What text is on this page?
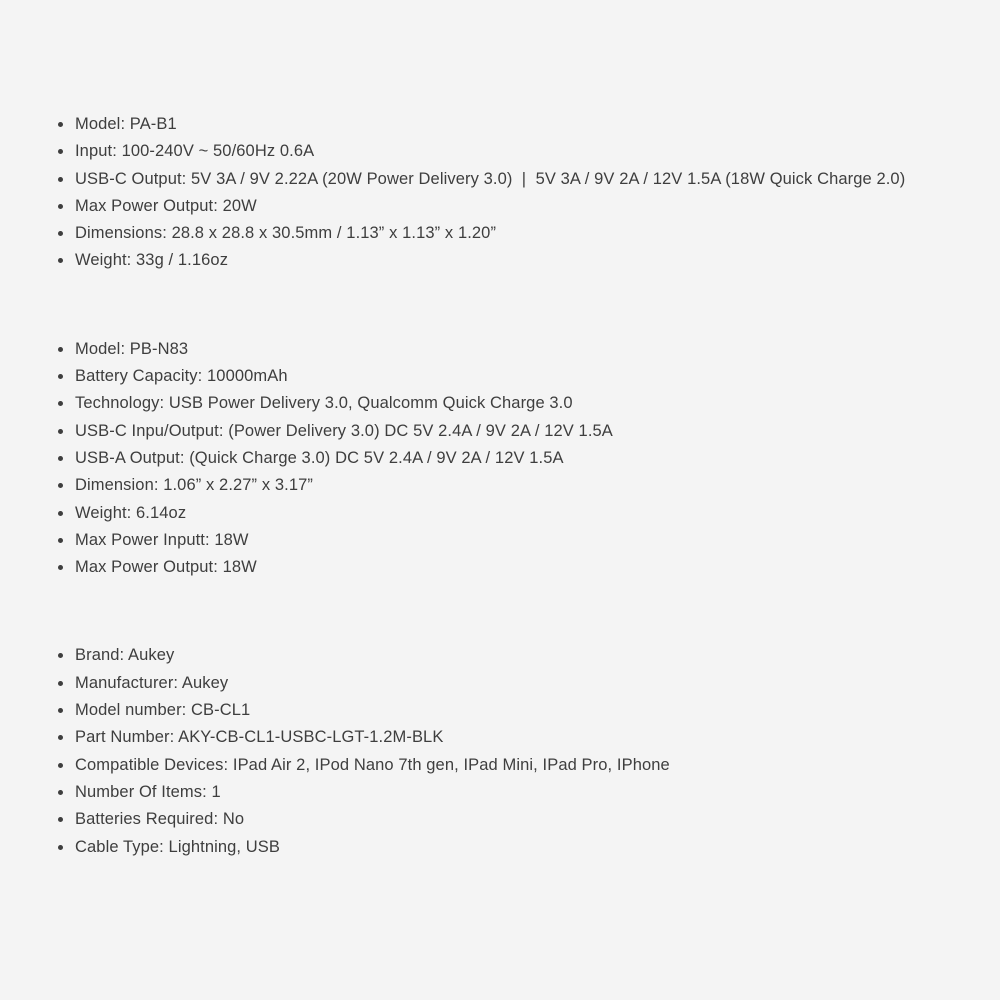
Model: PA-B1
Input: 100-240V ~ 50/60Hz 0.6A
USB-C Output: 5V 3A / 9V 2.22A (20W Power Delivery 3.0)  |  5V 3A / 9V 2A / 12V 1.5A (18W Quick Charge 2.0)
Max Power Output: 20W
Dimensions: 28.8 x 28.8 x 30.5mm / 1.13” x 1.13” x 1.20”
Weight: 33g / 1.16oz
Model: PB-N83
Battery Capacity: 10000mAh
Technology: USB Power Delivery 3.0, Qualcomm Quick Charge 3.0
USB-C Inpu/Output: (Power Delivery 3.0) DC 5V 2.4A / 9V 2A / 12V 1.5A
USB-A Output: (Quick Charge 3.0) DC 5V 2.4A / 9V 2A / 12V 1.5A
Dimension: 1.06” x 2.27” x 3.17”
Weight: 6.14oz
Max Power Inputt: 18W
Max Power Output: 18W
Brand: Aukey
Manufacturer: Aukey
Model number: CB-CL1
Part Number: AKY-CB-CL1-USBC-LGT-1.2M-BLK
Compatible Devices: IPad Air 2, IPod Nano 7th gen, IPad Mini, IPad Pro, IPhone
Number Of Items: 1
Batteries Required: No
Cable Type: Lightning, USB
